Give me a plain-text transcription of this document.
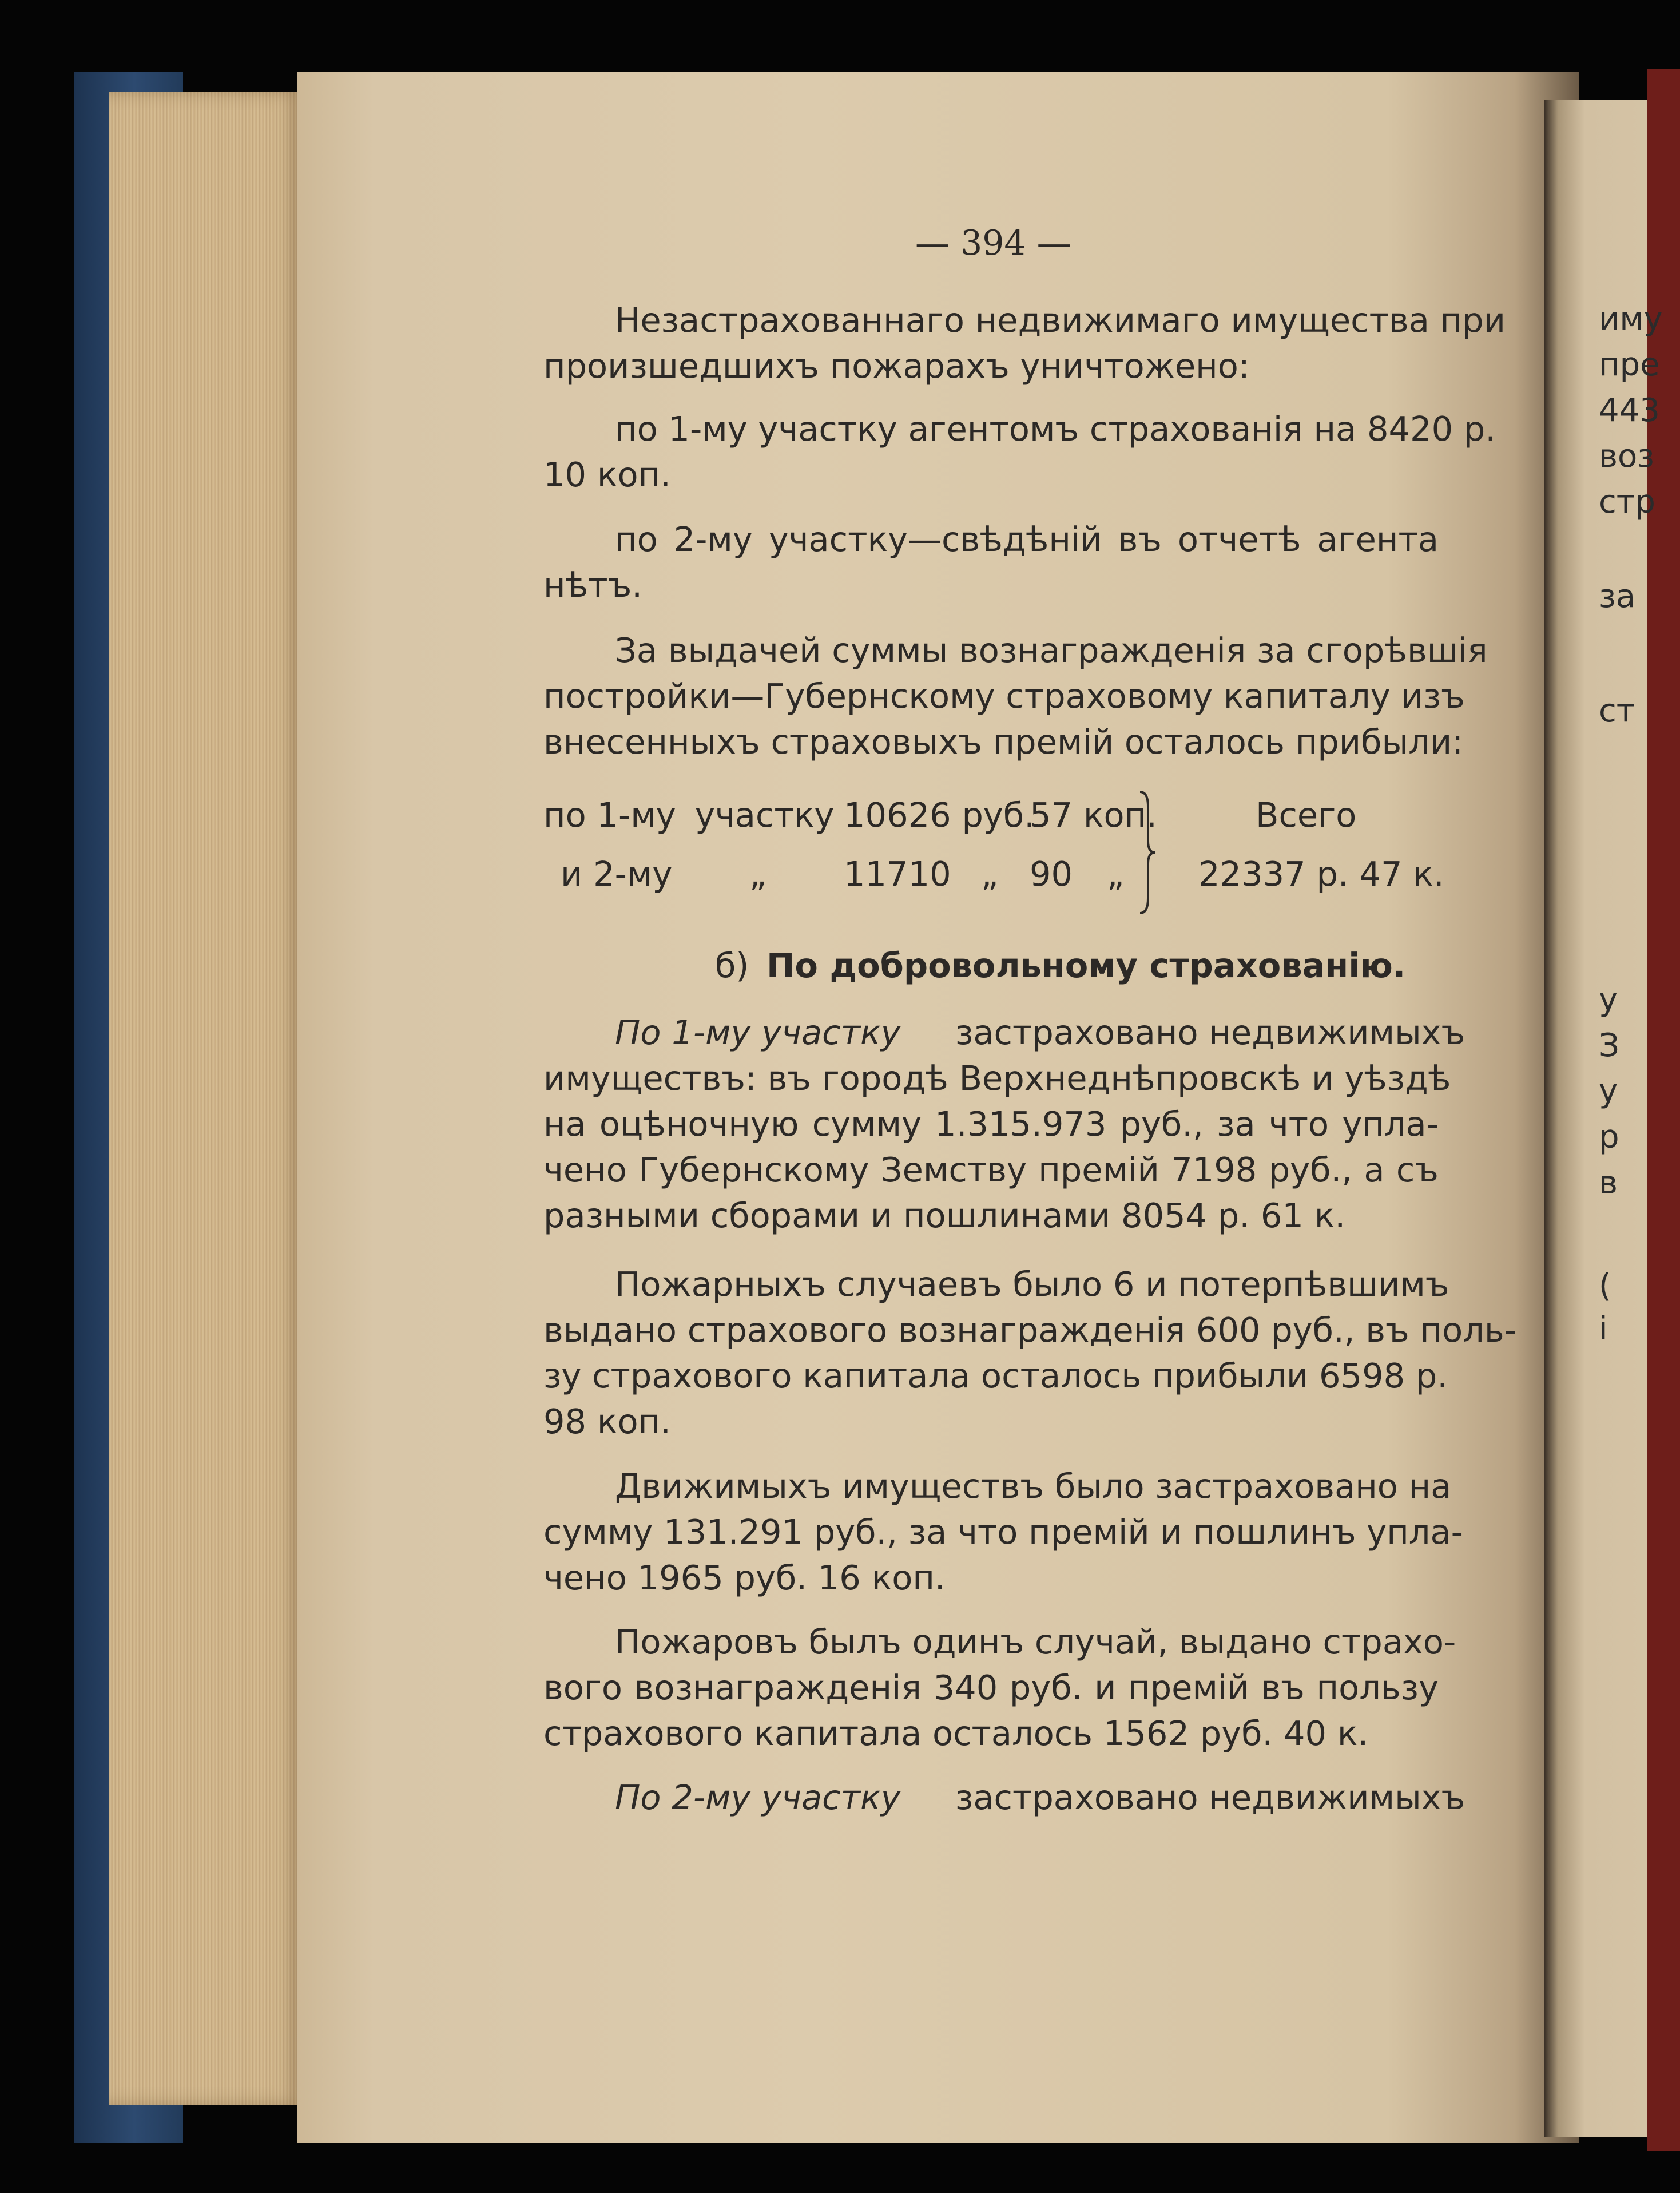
иму
пре
443
воз
стр
за
ст
у
З
у
р
в
(
і
— 394 —
Незастрахованнаго недвижимаго имущества при
произшедшихъ пожарахъ уничтожено:
по 1-му участку агентомъ страхованія на 8420 р.
10 коп.
по 2-му участку—свѣдѣній въ отчетѣ агента
нѣтъ.
За выдачей суммы вознагражденія за сгорѣвшія
постройки—Губернскому страховому капиталу изъ
внесенныхъ страховыхъ премій осталось прибыли:
по 1-му участку 10626 руб.
57 коп.
и 2-му „ 11710 „ 90 „
Всего
22337 р. 47 к.
б) По добровольному страхованію.
По 1-му участку застраховано недвижимыхъ
имуществъ: въ городѣ Верхнеднѣпровскѣ и уѣздѣ
на оцѣночную сумму 1.315.973 руб., за что упла-
чено Губернскому Земству премій 7198 руб., а съ
разными сборами и пошлинами 8054 р. 61 к.
Пожарныхъ случаевъ было 6 и потерпѣвшимъ
выдано страхового вознагражденія 600 руб., въ поль-
зу страхового капитала осталось прибыли 6598 р.
98 коп.
Движимыхъ имуществъ было застраховано на
сумму 131.291 руб., за что премій и пошлинъ упла-
чено 1965 руб. 16 коп.
Пожаровъ былъ одинъ случай, выдано страхо-
вого вознагражденія 340 руб. и премій въ пользу
страхового капитала осталось 1562 руб. 40 к.
По 2-му участку застраховано недвижимыхъ
